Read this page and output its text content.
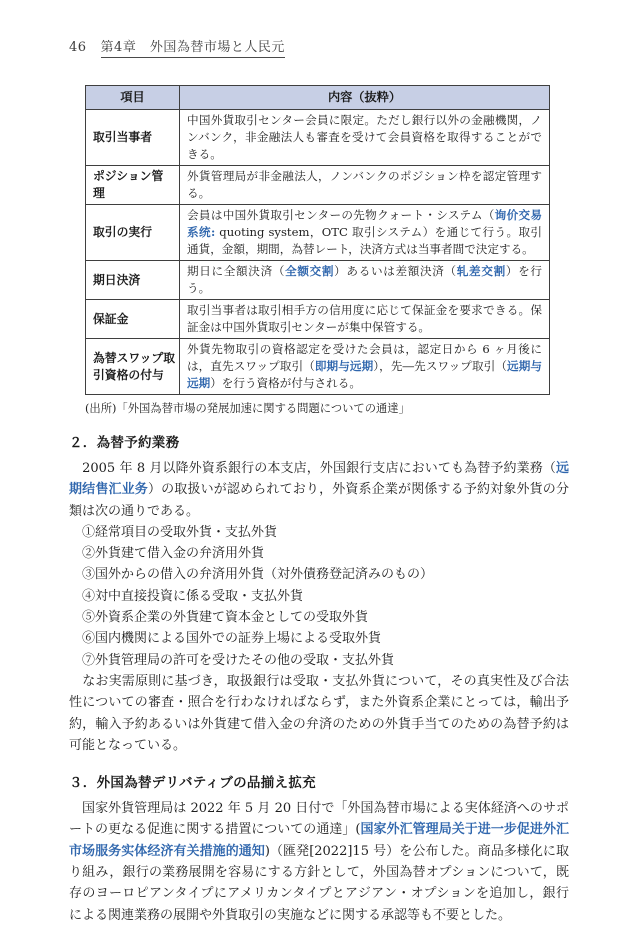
46 第4章　外国為替市場と人民元
項目	内容（抜粋）
取引当事者	中国外貨取引センター会員に限定。ただし銀行以外の金融機関，ノンバンク，非金融法人も審査を受けて会員資格を取得することができる。
ポジション管理	外貨管理局が非金融法人，ノンバンクのポジション枠を認定管理する。
取引の実行	会員は中国外貨取引センターの先物クォート・システム（询价交易系统: quoting system，OTC 取引システム）を通じて行う。取引通貨，金額，期間，為替レート，決済方式は当事者間で決定する。
期日決済	期日に全額決済（全额交割）あるいは差額決済（轧差交割）を行う。
保証金	取引当事者は取引相手方の信用度に応じて保証金を要求できる。保証金は中国外貨取引センターが集中保管する。
為替スワップ取引資格の付与	外貨先物取引の資格認定を受けた会員は，認定日から 6 ヶ月後には，直先スワップ取引（即期与远期），先―先スワップ取引（远期与远期）を行う資格が付与される。
(出所)「外国為替市場の発展加速に関する問題についての通達」
２．為替予約業務

　2005 年 8 月以降外資系銀行の本支店，外国銀行支店においても為替予約業務（远期结售汇业务）の取扱いが認められており，外資系企業が関係する予約対象外貨の分類は次の通りである。

①経常項目の受取外貨・支払外貨
②外貨建て借入金の弁済用外貨
③国外からの借入の弁済用外貨（対外債務登記済みのもの）
④対中直接投資に係る受取・支払外貨
⑤外資系企業の外貨建て資本金としての受取外貨
⑥国内機関による国外での証券上場による受取外貨
⑦外貨管理局の許可を受けたその他の受取・支払外貨

　なお実需原則に基づき，取扱銀行は受取・支払外貨について，その真実性及び合法性についての審査・照合を行わなければならず，また外資系企業にとっては，輸出予約，輸入予約あるいは外貨建て借入金の弁済のための外貨手当てのための為替予約は可能となっている。

３．外国為替デリバティブの品揃え拡充

　国家外貨管理局は 2022 年 5 月 20 日付で「外国為替市場による実体経済へのサポートの更なる促進に関する措置についての通達」(国家外汇管理局关于进一步促进外汇市场服务实体经济有关措施的通知)（匯発[2022]15 号）を公布した。商品多様化に取り組み，銀行の業務展開を容易にする方針として，外国為替オプションについて，既存のヨーロピアンタイプにアメリカンタイプとアジアン・オプションを追加し，銀行による関連業務の展開や外貨取引の実施などに関する承認等も不要とした。
